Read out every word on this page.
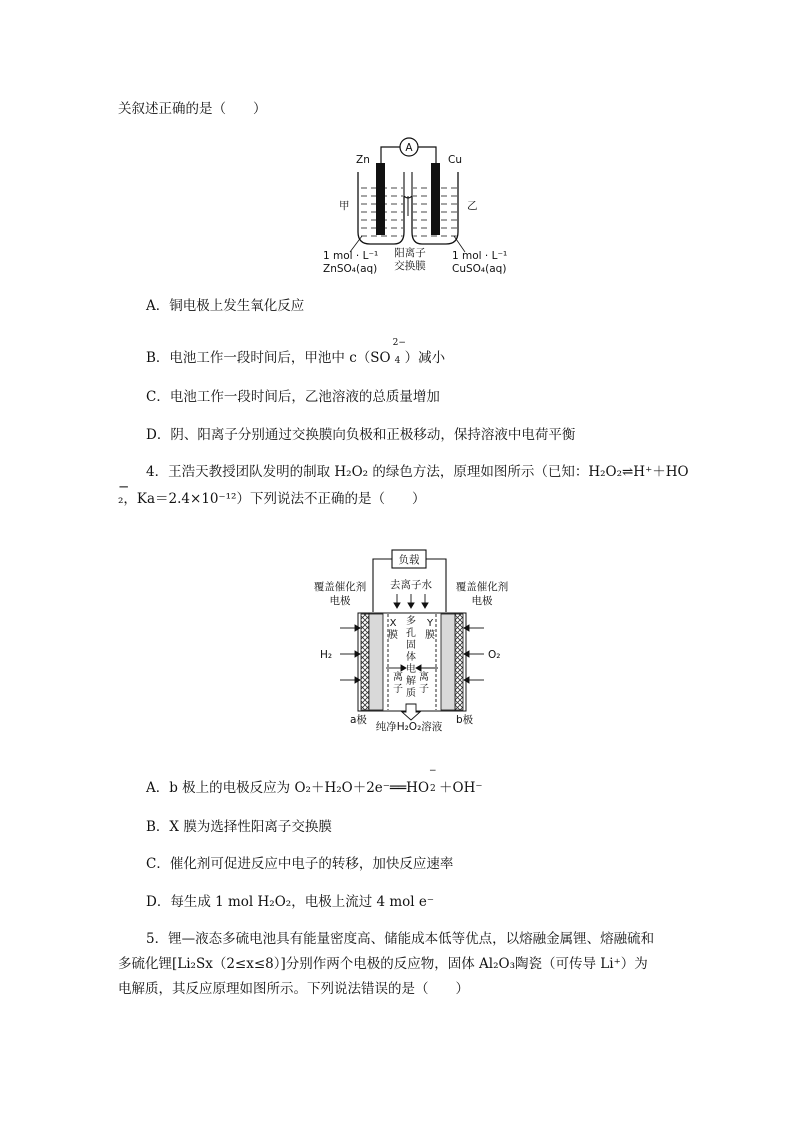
关叙述正确的是（　　）
A
Zn	Cu
甲	乙
1 mol · L⁻¹
ZnSO₄(aq)
阳离子
交换膜
1 mol · L⁻¹
CuSO₄(aq)
A．铜电极上发生氧化反应
B．电池工作一段时间后，甲池中 c（SO
2−
4 ）减小
C．电池工作一段时间后，乙池溶液的总质量增加
D．阴、阳离子分别通过交换膜向负极和正极移动，保持溶液中电荷平衡
4．王浩天教授团队发明的制取 H₂O₂ 的绿色方法，原理如图所示（已知：H₂O₂⇌H⁺＋HO
−
₂，Ka＝2.4×10⁻¹²）下列说法不正确的是（　　）
负载
去离子水
X
膜
Y
膜
多
孔
固
体
电
解
质
离
子
离
子
覆盖催化剂
电极
覆盖催化剂
电极
H₂	O₂
a极	b极
纯净H₂O₂溶液
A．b 极上的电极反应为 O₂＋H₂O＋2e⁻══HO
−
2 ＋OH⁻
B．X 膜为选择性阳离子交换膜
C．催化剂可促进反应中电子的转移，加快反应速率
D．每生成 1 mol H₂O₂，电极上流过 4 mol e⁻
5．锂—液态多硫电池具有能量密度高、储能成本低等优点，以熔融金属锂、熔融硫和
多硫化锂[Li₂Sx（2≤x≤8）]分别作两个电极的反应物，固体 Al₂O₃陶瓷（可传导 Li⁺）为
电解质，其反应原理如图所示。下列说法错误的是（　　）
